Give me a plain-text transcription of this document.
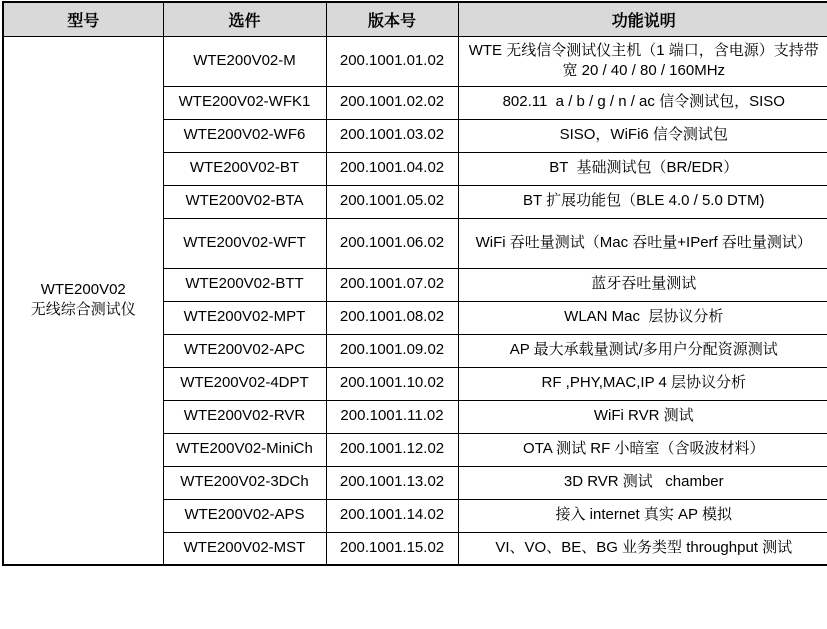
型号	选件	版本号	功能说明

WTE200V02
无线综合测试仪	WTE200V02-M	200.1001.01.02	WTE 无线信令测试仪主机（1 端口，含电源）支持带宽 20 / 40 / 80 / 160MHz
	WTE200V02-WFK1	200.1001.02.02	802.11  a / b / g / n / ac 信令测试包，SISO
	WTE200V02-WF6	200.1001.03.02	SISO，WiFi6 信令测试包
	WTE200V02-BT	200.1001.04.02	BT  基础测试包（BR/EDR）
	WTE200V02-BTA	200.1001.05.02	BT 扩展功能包（BLE 4.0 / 5.0 DTM)
	WTE200V02-WFT	200.1001.06.02	WiFi 吞吐量测试（Mac 吞吐量+IPerf 吞吐量测试）
	WTE200V02-BTT	200.1001.07.02	蓝牙吞吐量测试
	WTE200V02-MPT	200.1001.08.02	WLAN Mac  层协议分析
	WTE200V02-APC	200.1001.09.02	AP 最大承载量测试/多用户分配资源测试
	WTE200V02-4DPT	200.1001.10.02	RF ,PHY,MAC,IP 4 层协议分析
	WTE200V02-RVR	200.1001.11.02	WiFi RVR 测试
	WTE200V02-MiniCh	200.1001.12.02	OTA 测试 RF 小暗室（含吸波材料）
	WTE200V02-3DCh	200.1001.13.02	3D RVR 测试   chamber
	WTE200V02-APS	200.1001.14.02	接入 internet 真实 AP 模拟
	WTE200V02-MST	200.1001.15.02	VI、VO、BE、BG 业务类型 throughput 测试
